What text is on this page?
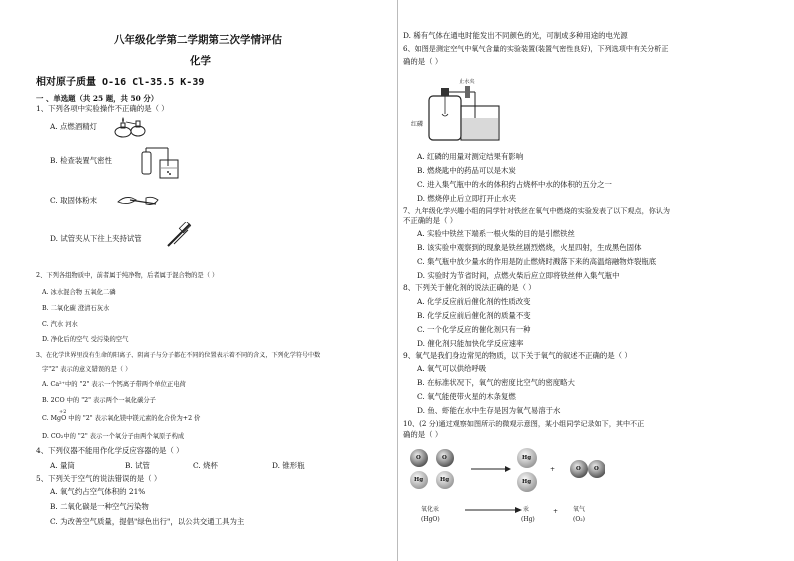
八年级化学第二学期第三次学情评估
化学
相对原子质量 O-16 Cl-35.5 K-39
一 、单选题（共 25 题，共 50 分）
1、下列各项中实验操作不正确的是（ ）
A. 点燃酒精灯
B. 检查装置气密性
C. 取固体粉末
D. 试管夹从下往上夹持试管
2、下列各组物质中，前者属于纯净物，后者属于混合物的是（ ）
A. 冰水混合物 五氧化二磷
B. 二氧化碳 澄清石灰水
C. 汽水 河水
D. 净化后的空气 受污染的空气
3、在化学世界里没有生命的阳离子、阴离子与分子都在不同的位置表示着不同的含义，下列化学符号中数
字"2" 表示的意义错误的是（ ）
A. Ca²⁺中的 "2" 表示一个钙离子带两个单位正电荷
B. 2CO 中的 "2" 表示两个一氧化碳分子
+2
C. MgO 中的 "2" 表示氧化镁中镁元素的化合价为+2 价
D. CO₂中的 "2" 表示一个氧分子由两个氧原子构成
4、下列仪器不能用作化学反应容器的是（ ）
A. 量筒	B. 试管	C. 烧杯	D. 锥形瓶
5、下列关于空气的说法错误的是（ ）
A. 氧气约占空气体积的 21%
B. 二氧化碳是一种空气污染物
C. 为改善空气质量，提倡"绿色出行"，以公共交通工具为主
D. 稀有气体在通电时能发出不同颜色的光，可制成多种用途的电光源
6、如图是测定空气中氧气含量的实验装置(装置气密性良好)，下列选项中有关分析正
确的是（ ）
止水夹
红磷
A. 红磷的用量对测定结果有影响
B. 燃烧匙中的药品可以是木炭
C. 进入集气瓶中的水的体积约占烧杯中水的体积的五分之一
D. 燃烧停止后立即打开止水夹
7、九年级化学兴趣小组的同学针对铁丝在氧气中燃烧的实验发表了以下观点，你认为
不正确的是（ ）
A. 实验中铁丝下端系一根火柴的目的是引燃铁丝
B. 该实验中观察到的现象是铁丝剧烈燃烧，火星四射，生成黑色固体
C. 集气瓶中放少量水的作用是防止燃烧时溅落下来的高温熔融物炸裂瓶底
D. 实验时为节省时间，点燃火柴后应立即将铁丝伸入集气瓶中
8、下列关于催化剂的说法正确的是（ ）
A. 化学反应前后催化剂的性质改变
B. 化学反应前后催化剂的质量不变
C. 一个化学反应的催化剂只有一种
D. 催化剂只能加快化学反应速率
9、氧气是我们身边常见的物质，以下关于氧气的叙述不正确的是（ ）
A. 氧气可以供给呼吸
B. 在标准状况下，氧气的密度比空气的密度略大
C. 氧气能使带火星的木条复燃
D. 鱼、虾能在水中生存是因为氧气易溶于水
10、(2 分)通过观察如图所示的微观示意图，某小组同学记录如下，其中不正
确的是（ ）
O
Hg
O
Hg
Hg
Hg
+	O O
氧化汞
(HgO)
→ 汞
(Hg)
+ 氧气
(O₂)
